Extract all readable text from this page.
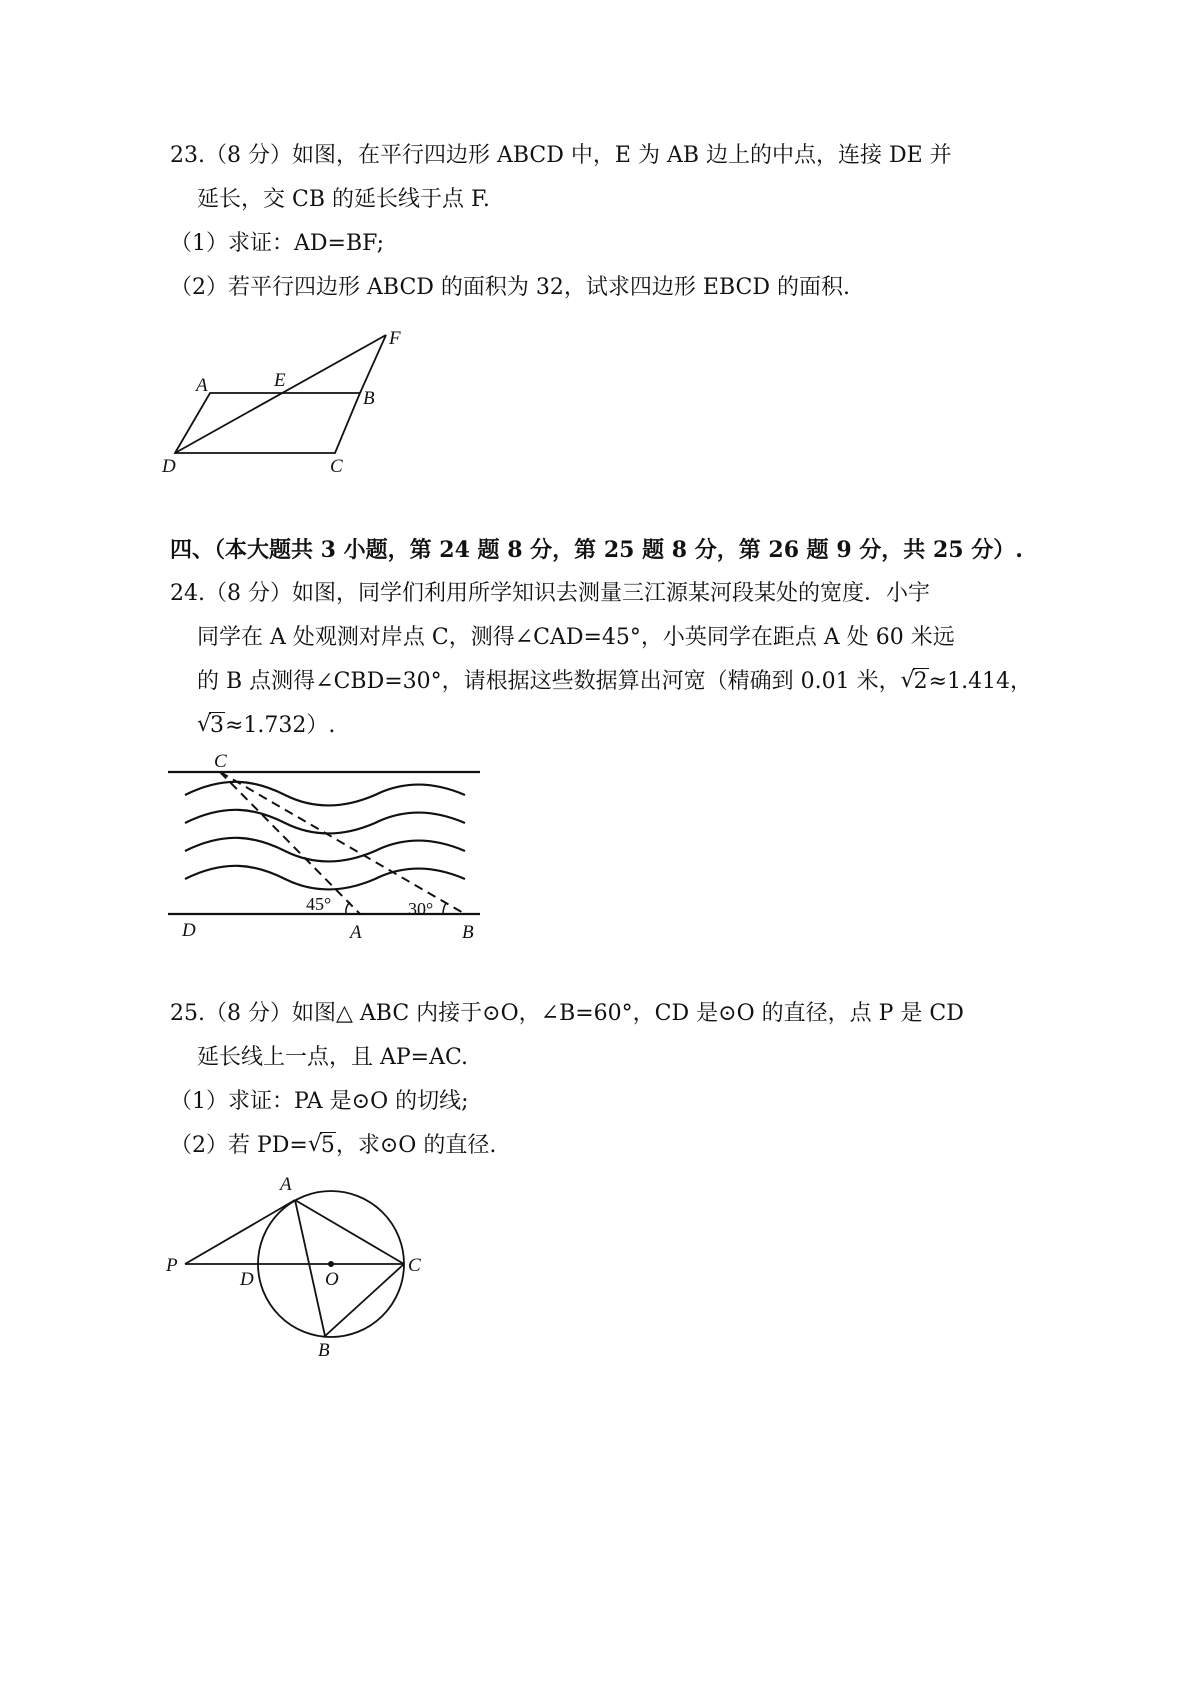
23.（8 分）如图，在平行四边形 ABCD 中，E 为 AB 边上的中点，连接 DE 并
延长，交 CB 的延长线于点 F.
（1）求证：AD=BF;
（2）若平行四边形 ABCD 的面积为 32，试求四边形 EBCD 的面积.
A	E
B
D	C
F
四、（本大题共 3 小题，第 24 题 8 分，第 25 题 8 分，第 26 题 9 分，共 25 分）.
24.（8 分）如图，同学们利用所学知识去测量三江源某河段某处的宽度．小宇
同学在 A 处观测对岸点 C，测得∠CAD=45°，小英同学在距点 A 处 60 米远
的 B 点测得∠CBD=30°，请根据这些数据算出河宽（精确到 0.01 米， √ 2≈1.414，
√ 3≈1.732）.
C
D	A	B
45°	30°
25.（8 分）如图△ ABC 内接于⊙O，∠B=60°，CD 是⊙O 的直径，点 P 是 CD
延长线上一点，且 AP=AC.
（1）求证：PA 是⊙O 的切线;
（2）若 PD= √ 5，求⊙O 的直径.
A
P
D	O
C
B
